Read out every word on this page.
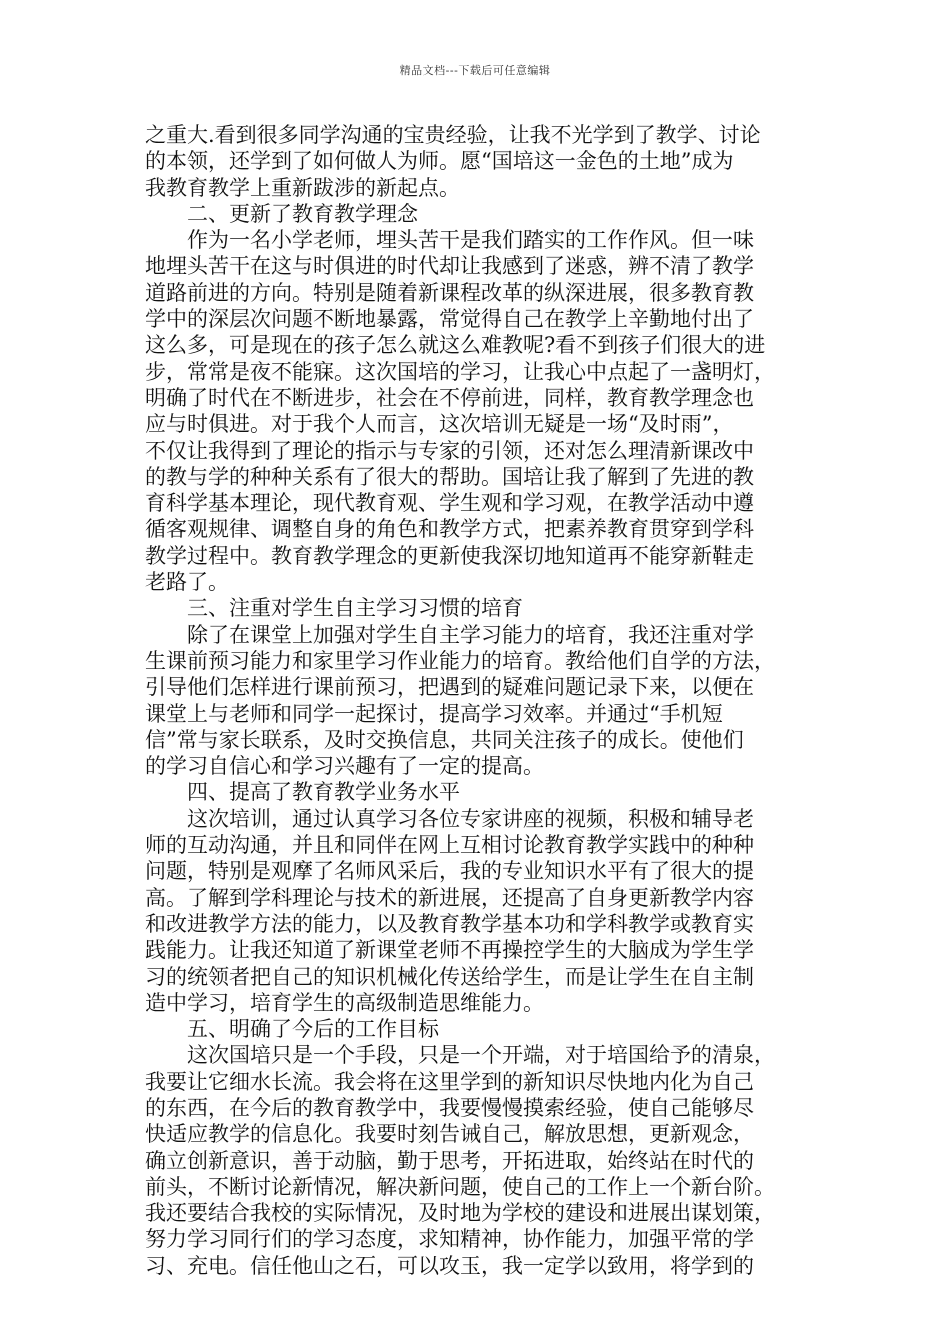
精品文档---下载后可任意编辑
之重大.看到很多同学沟通的宝贵经验，让我不光学到了教学、讨论
的本领，还学到了如何做人为师。愿“国培这一金色的土地”成为
我教育教学上重新跋涉的新起点。
二、更新了教育教学理念
作为一名小学老师，埋头苦干是我们踏实的工作作风。但一味
地埋头苦干在这与时俱进的时代却让我感到了迷惑，辨不清了教学
道路前进的方向。特别是随着新课程改革的纵深进展，很多教育教
学中的深层次问题不断地暴露，常觉得自己在教学上辛勤地付出了
这么多，可是现在的孩子怎么就这么难教呢?看不到孩子们很大的进
步，常常是夜不能寐。这次国培的学习，让我心中点起了一盏明灯，
明确了时代在不断进步，社会在不停前进，同样，教育教学理念也
应与时俱进。对于我个人而言，这次培训无疑是一场“及时雨”，
不仅让我得到了理论的指示与专家的引领，还对怎么理清新课改中
的教与学的种种关系有了很大的帮助。国培让我了解到了先进的教
育科学基本理论，现代教育观、学生观和学习观，在教学活动中遵
循客观规律、调整自身的角色和教学方式，把素养教育贯穿到学科
教学过程中。教育教学理念的更新使我深切地知道再不能穿新鞋走
老路了。
三、注重对学生自主学习习惯的培育
除了在课堂上加强对学生自主学习能力的培育，我还注重对学
生课前预习能力和家里学习作业能力的培育。教给他们自学的方法，
引导他们怎样进行课前预习，把遇到的疑难问题记录下来，以便在
课堂上与老师和同学一起探讨，提高学习效率。并通过“手机短
信”常与家长联系，及时交换信息，共同关注孩子的成长。使他们
的学习自信心和学习兴趣有了一定的提高。
四、提高了教育教学业务水平
这次培训，通过认真学习各位专家讲座的视频，积极和辅导老
师的互动沟通，并且和同伴在网上互相讨论教育教学实践中的种种
问题，特别是观摩了名师风采后，我的专业知识水平有了很大的提
高。了解到学科理论与技术的新进展，还提高了自身更新教学内容
和改进教学方法的能力，以及教育教学基本功和学科教学或教育实
践能力。让我还知道了新课堂老师不再操控学生的大脑成为学生学
习的统领者把自己的知识机械化传送给学生，而是让学生在自主制
造中学习，培育学生的高级制造思维能力。
五、明确了今后的工作目标
这次国培只是一个手段，只是一个开端，对于培国给予的清泉，
我要让它细水长流。我会将在这里学到的新知识尽快地内化为自己
的东西，在今后的教育教学中，我要慢慢摸索经验，使自己能够尽
快适应教学的信息化。我要时刻告诫自己，解放思想，更新观念，
确立创新意识，善于动脑，勤于思考，开拓进取，始终站在时代的
前头，不断讨论新情况，解决新问题，使自己的工作上一个新台阶。
我还要结合我校的实际情况，及时地为学校的建设和进展出谋划策，
努力学习同行们的学习态度，求知精神，协作能力，加强平常的学
习、充电。信任他山之石，可以攻玉，我一定学以致用，将学到的
